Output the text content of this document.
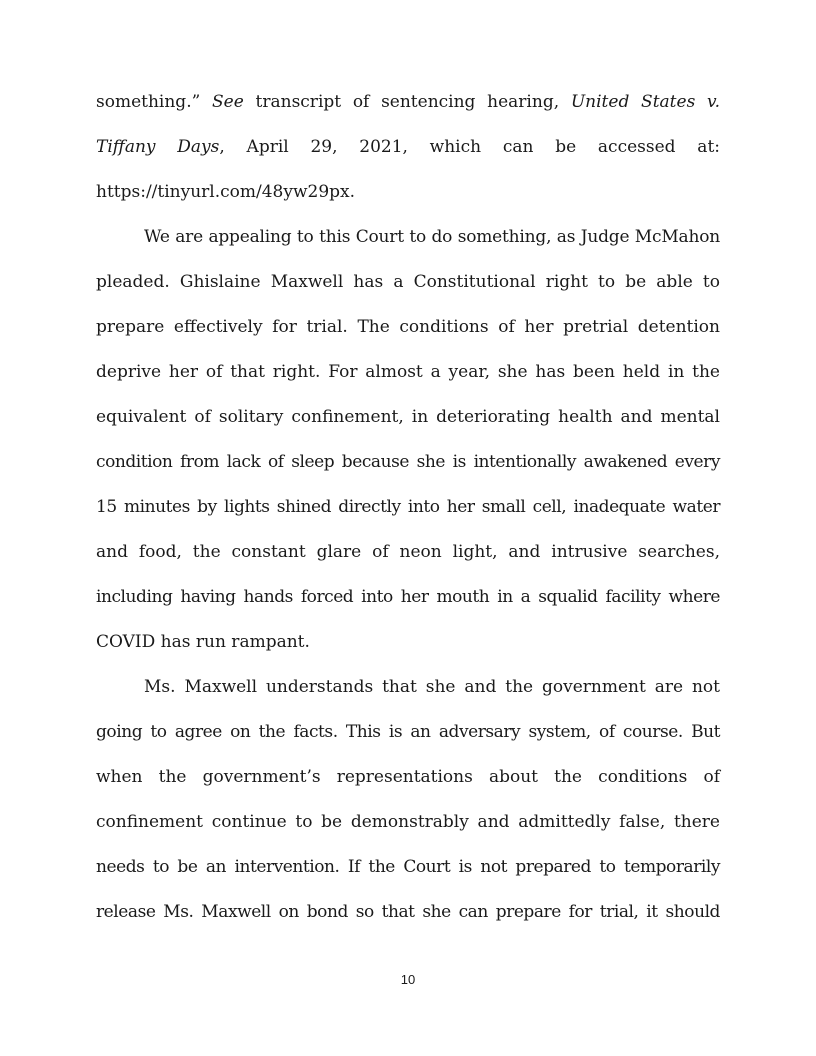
something.” See transcript of sentencing hearing, United States v.
Tiffany Days, April 29, 2021, which can be accessed at:
https://tinyurl.com/48yw29px.
We are appealing to this Court to do something, as Judge McMahon
pleaded. Ghislaine Maxwell has a Constitutional right to be able to
prepare effectively for trial. The conditions of her pretrial detention
deprive her of that right. For almost a year, she has been held in the
equivalent of solitary confinement, in deteriorating health and mental
condition from lack of sleep because she is intentionally awakened every
15 minutes by lights shined directly into her small cell, inadequate water
and food, the constant glare of neon light, and intrusive searches,
including having hands forced into her mouth in a squalid facility where
COVID has run rampant.
Ms. Maxwell understands that she and the government are not
going to agree on the facts. This is an adversary system, of course. But
when the government’s representations about the conditions of
confinement continue to be demonstrably and admittedly false, there
needs to be an intervention. If the Court is not prepared to temporarily
release Ms. Maxwell on bond so that she can prepare for trial, it should
10
